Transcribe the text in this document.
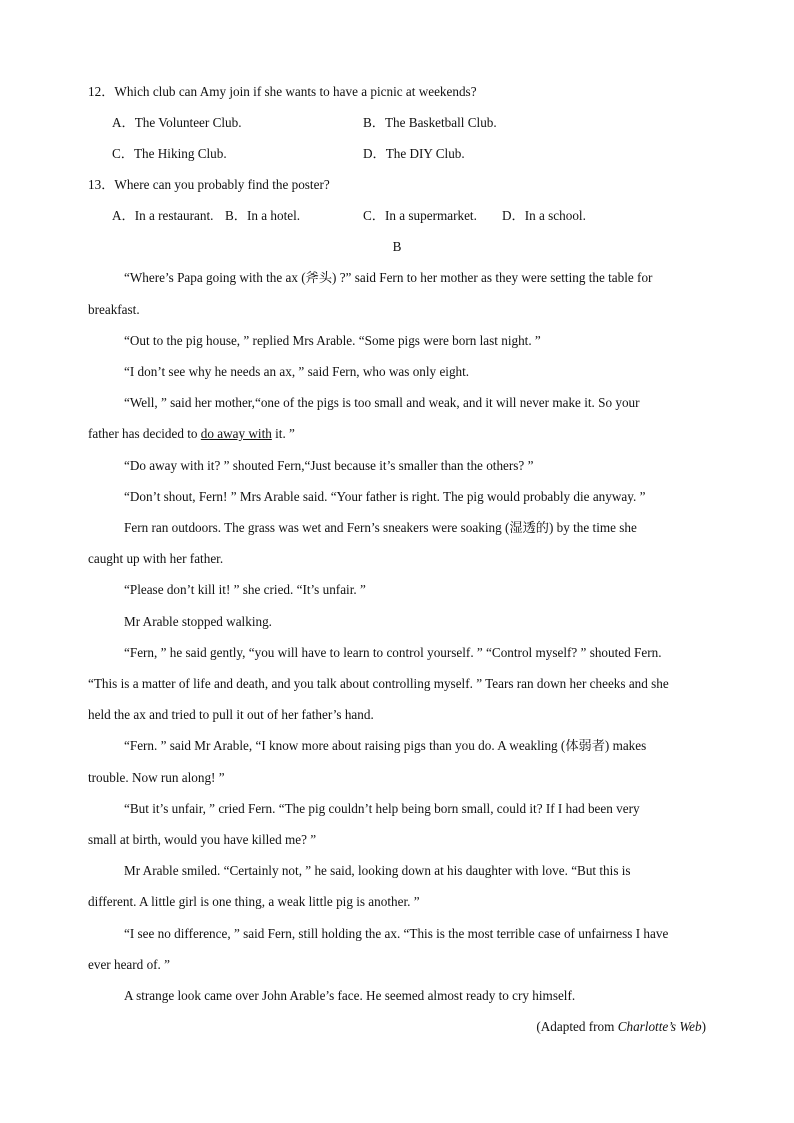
12．Which club can Amy join if she wants to have a picnic at weekends?
A．The Volunteer Club.	B．The Basketball Club.
C．The Hiking Club.	D．The DIY Club.
13．Where can you probably find the poster?
A．In a restaurant. B．In a hotel.	C．In a supermarket. D．In a school.
B
“Where’s Papa going with the ax (斧头) ?” said Fern to her mother as they were setting the table for
breakfast.
“Out to the pig house, ” replied Mrs Arable. “Some pigs were born last night. ”
“I don’t see why he needs an ax, ” said Fern, who was only eight.
“Well, ” said her mother,“one of the pigs is too small and weak, and it will never make it. So your
father has decided to do away with it. ”
“Do away with it? ” shouted Fern,“Just because it’s smaller than the others? ”
“Don’t shout, Fern! ” Mrs Arable said. “Your father is right. The pig would probably die anyway. ”
Fern ran outdoors. The grass was wet and Fern’s sneakers were soaking (湿透的) by the time she
caught up with her father.
“Please don’t kill it! ” she cried. “It’s unfair. ”
Mr Arable stopped walking.
“Fern, ” he said gently, “you will have to learn to control yourself. ” “Control myself? ” shouted Fern.
“This is a matter of life and death, and you talk about controlling myself. ” Tears ran down her cheeks and she
held the ax and tried to pull it out of her father’s hand.
“Fern. ” said Mr Arable, “I know more about raising pigs than you do. A weakling (体弱者) makes
trouble. Now run along! ”
“But it’s unfair, ” cried Fern. “The pig couldn’t help being born small, could it? If I had been very
small at birth, would you have killed me? ”
Mr Arable smiled. “Certainly not, ” he said, looking down at his daughter with love. “But this is
different. A little girl is one thing, a weak little pig is another. ”
“I see no difference, ” said Fern, still holding the ax. “This is the most terrible case of unfairness I have
ever heard of. ”
A strange look came over John Arable’s face. He seemed almost ready to cry himself.
(Adapted from Charlotte’s Web)
